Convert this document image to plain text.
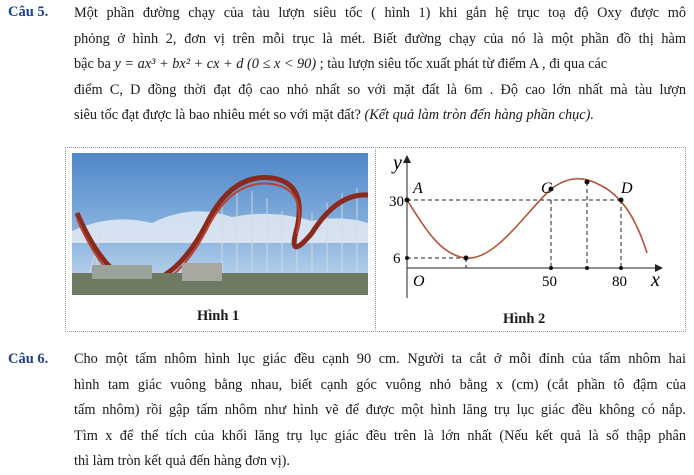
Câu 5. Một phần đường chạy của tàu lượn siêu tốc ( hình 1) khi gắn hệ trục toạ độ Oxy được mô
phỏng ở hình 2, đơn vị trên mỗi trục là mét. Biết đường chạy của nó là một phần đồ thị hàm
bậc ba y = ax³ + bx² + cx + d (0 ≤ x < 90) ; tàu lượn siêu tốc xuất phát từ điểm A , đi qua các
điểm C, D đồng thời đạt độ cao nhỏ nhất so với mặt đất là 6m . Độ cao lớn nhất mà tàu lượn
siêu tốc đạt được là bao nhiêu mét so với mặt đất? (Kết quả làm tròn đến hàng phần chục).
Hình 1
y
x
O
30
6
50	80
A	C	D
Hình 2
Câu 6. Cho một tấm nhôm hình lục giác đều cạnh 90 cm. Người ta cắt ở mỗi đỉnh của tấm nhôm hai
hình tam giác vuông bằng nhau, biết cạnh góc vuông nhỏ bằng x (cm) (cắt phần tô đậm của
tấm nhôm) rồi gập tấm nhôm như hình vẽ để được một hình lăng trụ lục giác đều không có nắp.
Tìm x để thể tích của khối lăng trụ lục giác đều trên là lớn nhất (Nếu kết quả là số thập phân
thì làm tròn kết quả đến hàng đơn vị).
